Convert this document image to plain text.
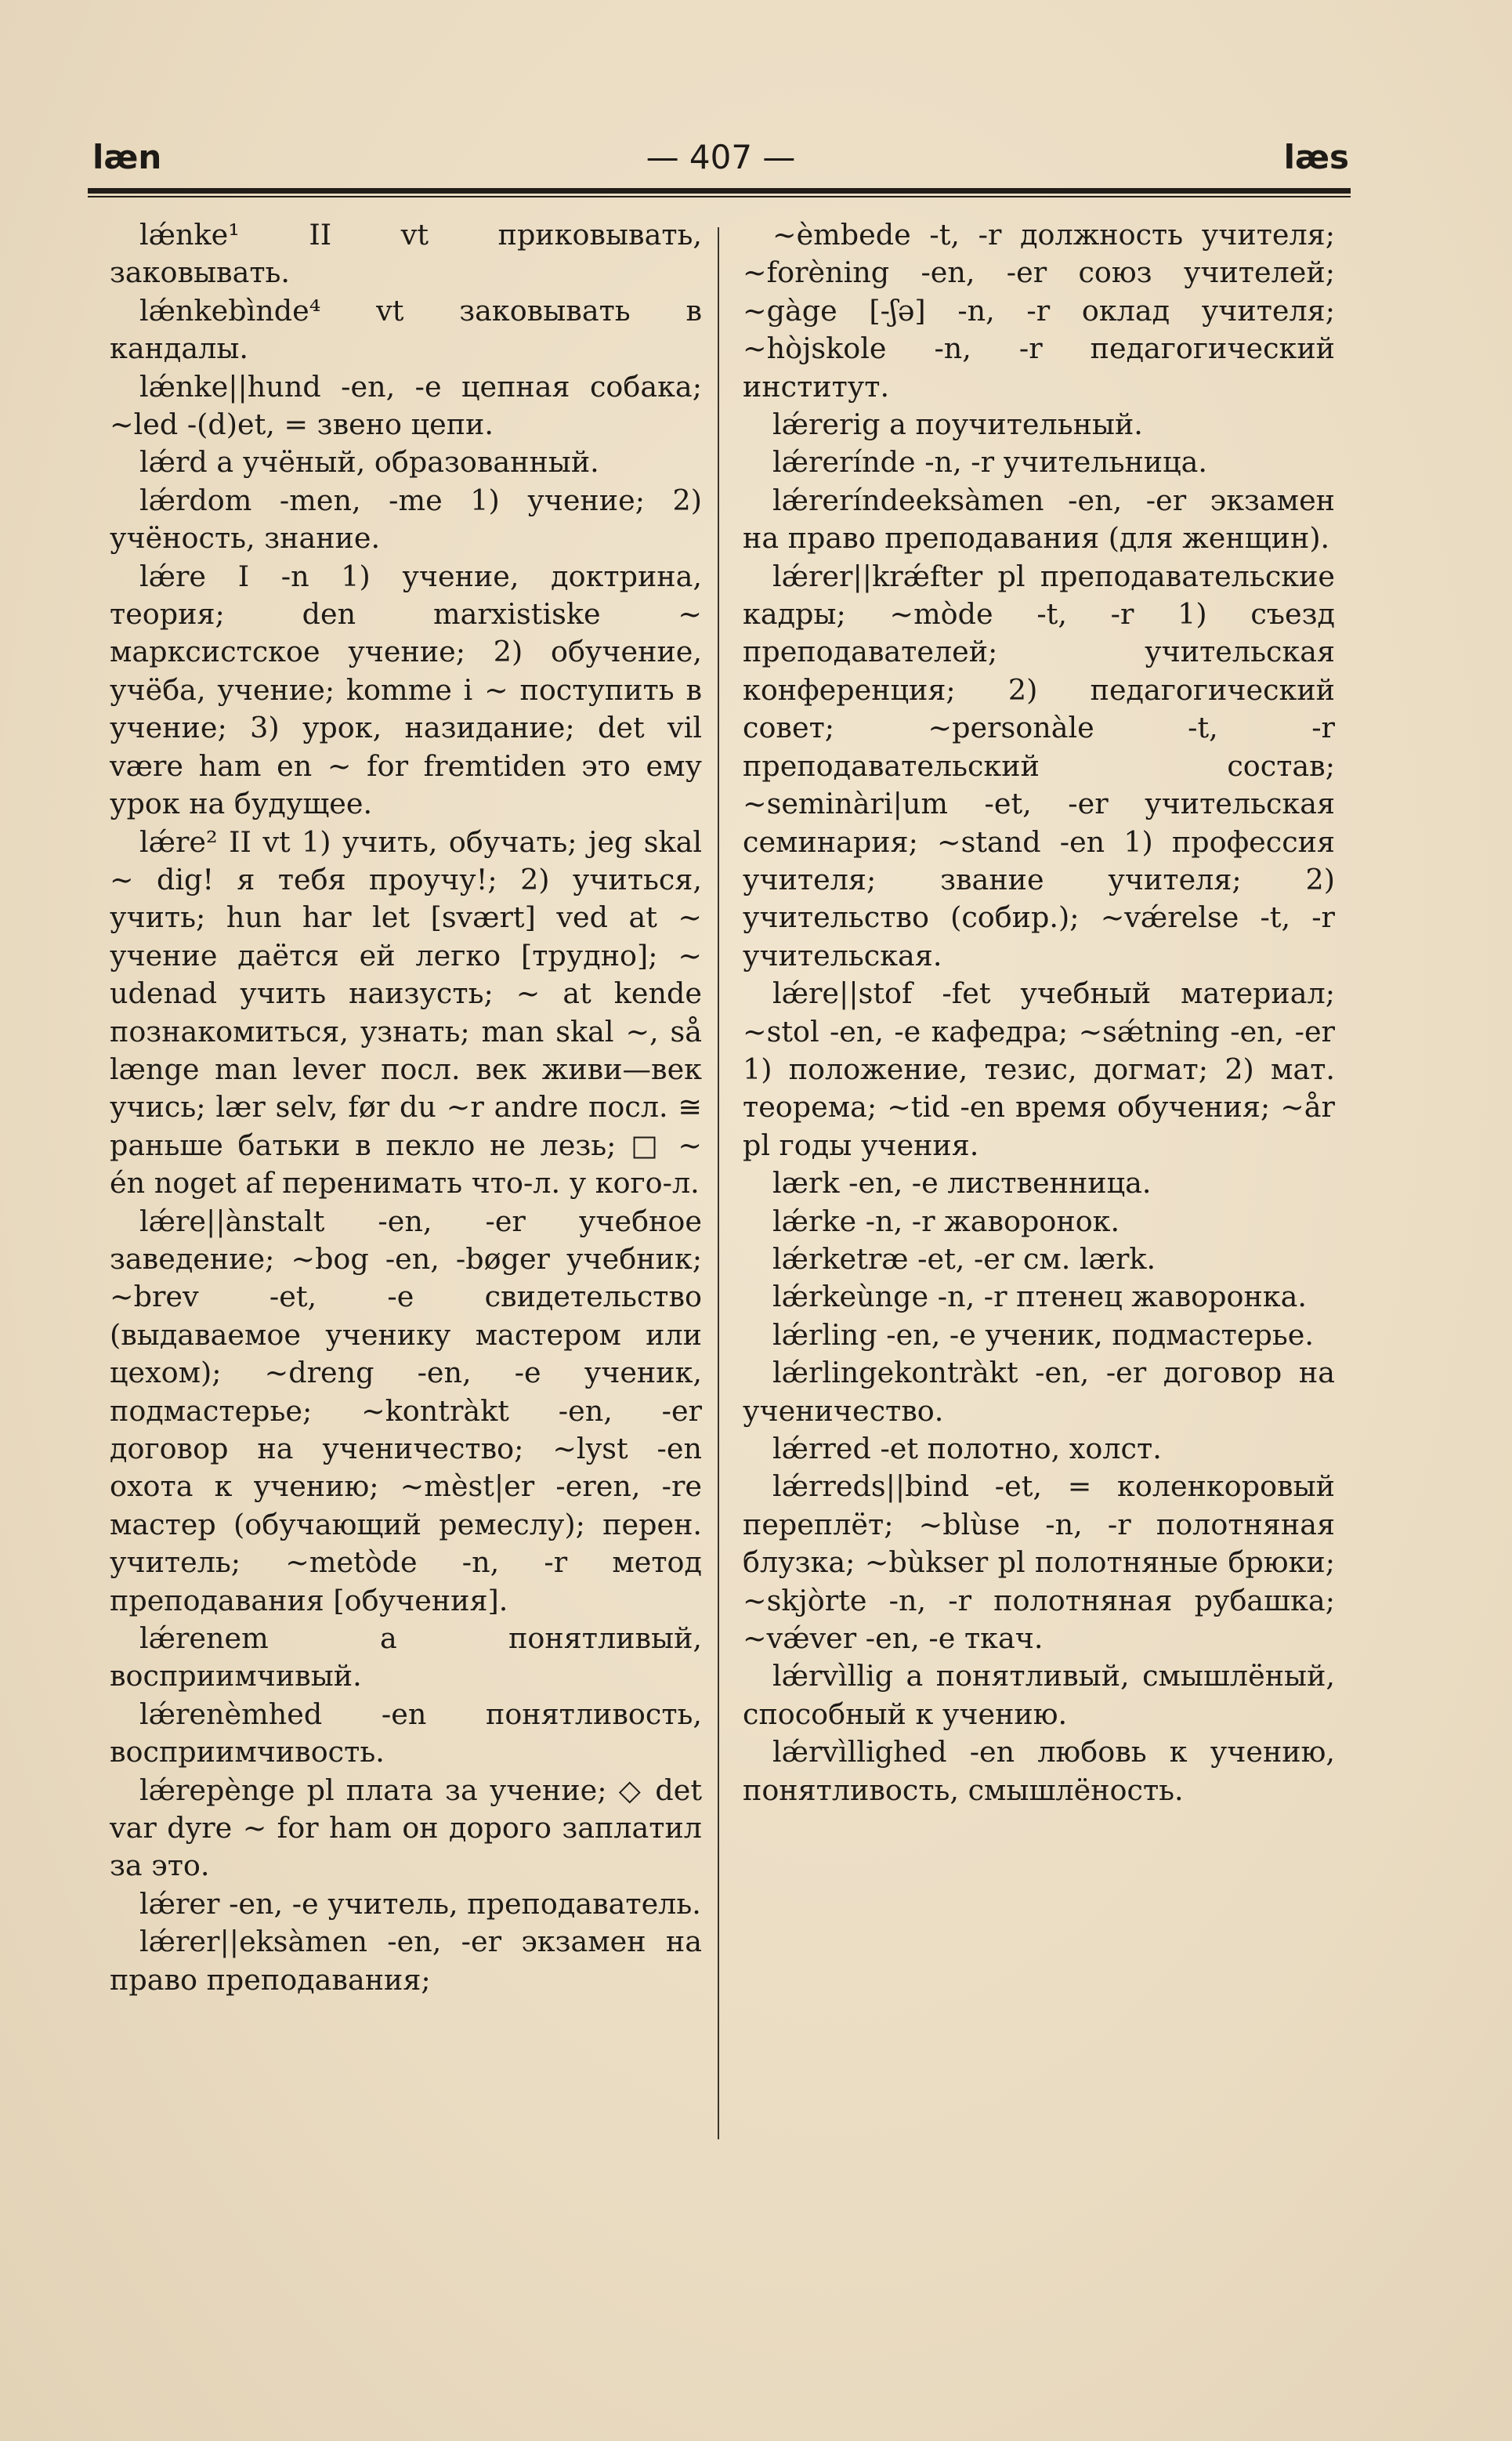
læn	— 407 —	læs

lǽnke¹ II vt приковывать, заковывать.

lǽnkebìnde⁴ vt заковывать в кандалы.

lǽnke||hund -en, -e цепная собака; ~led -(d)et, = звено цепи.

lǽrd a учёный, образованный.

lǽrdom -men, -me 1) учение; 2) учёность, знание.

lǽre I -n 1) учение, доктрина, теория; den marxistiske ~ марксистское учение; 2) обучение, учёба, учение; komme i ~ поступить в учение; 3) урок, назидание; det vil være ham en ~ for fremtiden это ему урок на будущее.

lǽre² II vt 1) учить, обучать; jeg skal ~ dig! я тебя проучу!; 2) учиться, учить; hun har let [svært] ved at ~ учение даётся ей легко [трудно]; ~ udenad учить наизусть; ~ at kende познакомиться, узнать; man skal ~, så længe man lever посл. век живи—век учись; lær selv, før du ~r andre посл. ≅ раньше батьки в пекло не лезь; □ ~ én noget af перенимать что-л. у кого-л.

lǽre||ànstalt -en, -er учебное заведение; ~bog -en, -bøger учебник; ~brev -et, -e свидетельство (выдаваемое ученику мастером или цехом); ~dreng -en, -e ученик, подмастерье; ~kontràkt -en, -er договор на ученичество; ~lyst -en охота к учению; ~mèst|er -eren, -re мастер (обучающий ремеслу); перен. учитель; ~metòde -n, -r метод преподавания [обучения].

lǽrenem a понятливый, восприимчивый.

lǽrenèmhed -en понятливость, восприимчивость.

lǽrepènge pl плата за учение; ◇ det var dyre ~ for ham он дорого заплатил за это.

lǽrer -en, -e учитель, преподаватель.

lǽrer||eksàmen -en, -er экзамен на право преподавания;

~èmbede -t, -r должность учителя; ~forèning -en, -er союз учителей; ~gàge [-ʃə] -n, -r оклад учителя; ~hòjskole -n, -r педагогический институт.

lǽrerig a поучительный.

lǽrerínde -n, -r учительница.

lǽreríndeeksàmen -en, -er экзамен на право преподавания (для женщин).

lǽrer||krǽfter pl преподавательские кадры; ~mòde -t, -r 1) съезд преподавателей; учительская конференция; 2) педагогический совет; ~personàle -t, -r преподавательский состав; ~seminàri|um -et, -er учительская семинария; ~stand -en 1) профессия учителя; звание учителя; 2) учительство (собир.); ~vǽrelse -t, -r учительская.

lǽre||stof -fet учебный материал; ~stol -en, -e кафедра; ~sǽtning -en, -er 1) положение, тезис, догмат; 2) мат. теорема; ~tid -en время обучения; ~år pl годы учения.

lærk -en, -e лиственница.

lǽrke -n, -r жаворонок.

lǽrketræ -et, -er см. lærk.

lǽrkeùnge -n, -r птенец жаворонка.

lǽrling -en, -e ученик, подмастерье.

lǽrlingekontràkt -en, -er договор на ученичество.

lǽrred -et полотно, холст.

lǽrreds||bind -et, = коленкоровый переплёт; ~blùse -n, -r полотняная блузка; ~bùkser pl полотняные брюки; ~skjòrte -n, -r полотняная рубашка; ~vǽver -en, -e ткач.

lǽrvìllig a понятливый, смышлёный, способный к учению.

lǽrvìllighed -en любовь к учению, понятливость, смышлёность.
